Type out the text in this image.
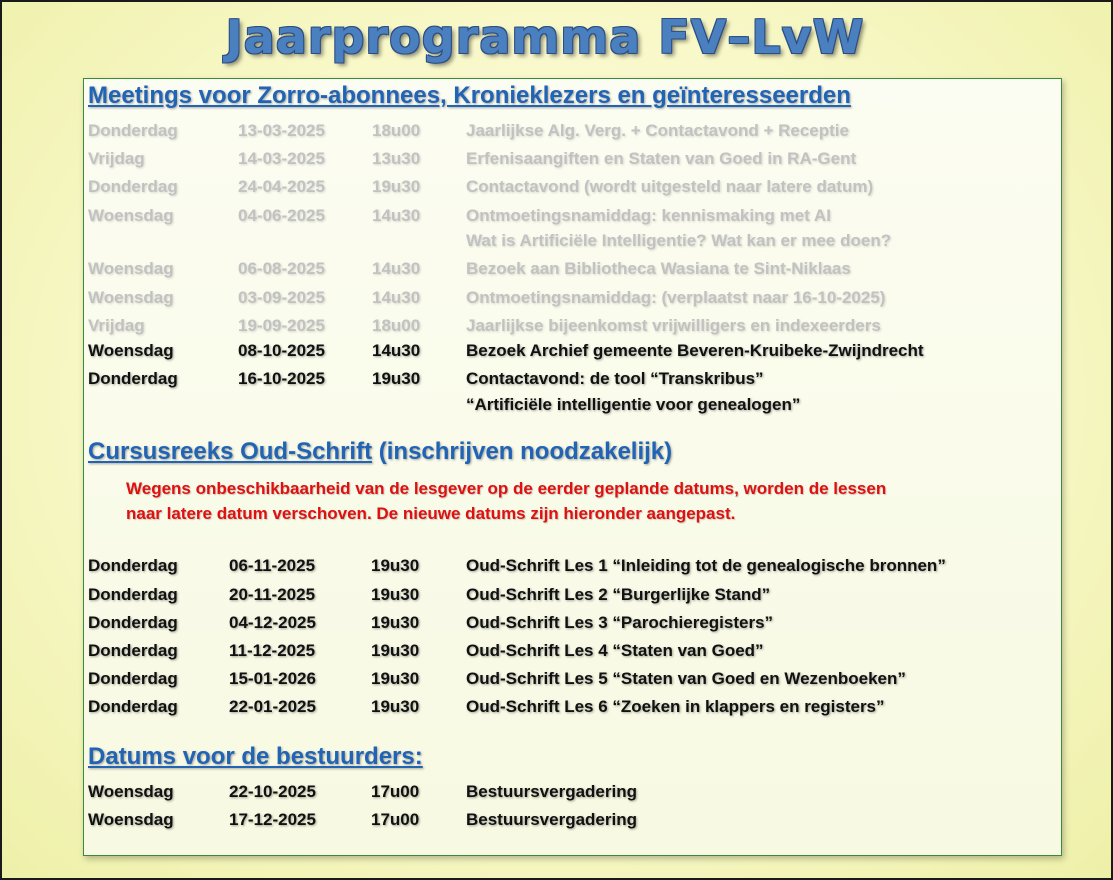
Jaarprogramma FV–LvW
Meetings voor Zorro-abonnees, Kronieklezers en geïnteresseerden
Donderdag	13-03-2025	18u00	Jaarlijkse Alg. Verg. + Contactavond + Receptie
Vrijdag	14-03-2025	13u30	Erfenisaangiften en Staten van Goed in RA-Gent
Donderdag	24-04-2025	19u30	Contactavond (wordt uitgesteld naar latere datum)
Woensdag	04-06-2025	14u30	Ontmoetingsnamiddag: kennismaking met AI
Wat is Artificiële Intelligentie? Wat kan er mee doen?
Woensdag	06-08-2025	14u30	Bezoek aan Bibliotheca Wasiana te Sint-Niklaas
Woensdag	03-09-2025	14u30	Ontmoetingsnamiddag: (verplaatst naar 16-10-2025)
Vrijdag	19-09-2025	18u00	Jaarlijkse bijeenkomst vrijwilligers en indexeerders
Woensdag	08-10-2025	14u30	Bezoek Archief gemeente Beveren-Kruibeke-Zwijndrecht
Donderdag	16-10-2025	19u30	Contactavond: de tool “Transkribus”
“Artificiële intelligentie voor genealogen”
Cursusreeks Oud-Schrift (inschrijven noodzakelijk)
Wegens onbeschikbaarheid van de lesgever op de eerder geplande datums, worden de lessen
naar latere datum verschoven. De nieuwe datums zijn hieronder aangepast.
Donderdag	06-11-2025	19u30	Oud-Schrift Les 1 “Inleiding tot de genealogische bronnen”
Donderdag	20-11-2025	19u30	Oud-Schrift Les 2 “Burgerlijke Stand”
Donderdag	04-12-2025	19u30	Oud-Schrift Les 3 “Parochieregisters”
Donderdag	11-12-2025	19u30	Oud-Schrift Les 4 “Staten van Goed”
Donderdag	15-01-2026	19u30	Oud-Schrift Les 5 “Staten van Goed en Wezenboeken”
Donderdag	22-01-2025	19u30	Oud-Schrift Les 6 “Zoeken in klappers en registers”
Datums voor de bestuurders:
Woensdag	22-10-2025	17u00	Bestuursvergadering
Woensdag	17-12-2025	17u00	Bestuursvergadering
